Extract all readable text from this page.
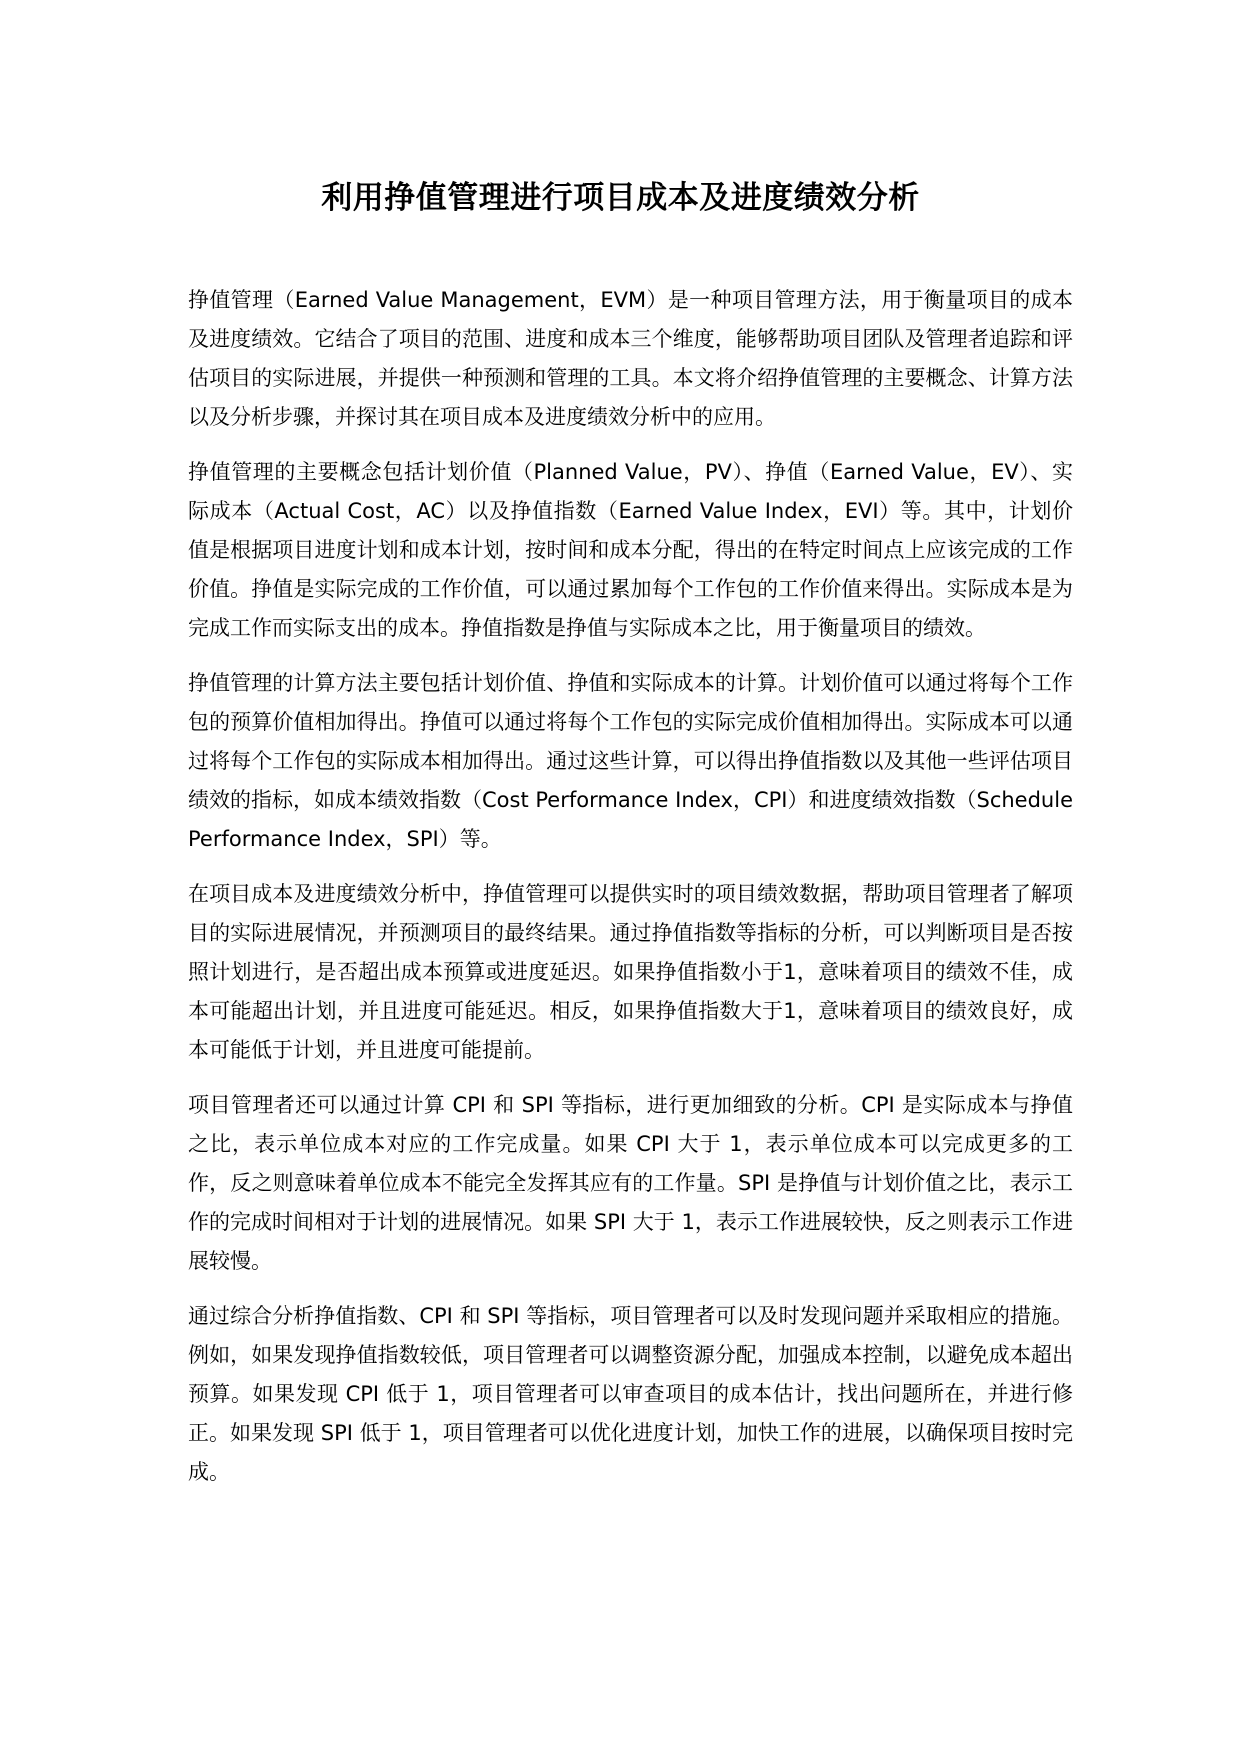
利用挣值管理进行项目成本及进度绩效分析

挣值管理（Earned Value Management，EVM）是一种项目管理方法，用于衡量项目的成本及进度绩效。它结合了项目的范围、进度和成本三个维度，能够帮助项目团队及管理者追踪和评估项目的实际进展，并提供一种预测和管理的工具。本文将介绍挣值管理的主要概念、计算方法以及分析步骤，并探讨其在项目成本及进度绩效分析中的应用。

挣值管理的主要概念包括计划价值（Planned Value，PV）、挣值（Earned Value，EV）、实际成本（Actual Cost，AC）以及挣值指数（Earned Value Index，EVI）等。其中，计划价值是根据项目进度计划和成本计划，按时间和成本分配，得出的在特定时间点上应该完成的工作价值。挣值是实际完成的工作价值，可以通过累加每个工作包的工作价值来得出。实际成本是为完成工作而实际支出的成本。挣值指数是挣值与实际成本之比，用于衡量项目的绩效。

挣值管理的计算方法主要包括计划价值、挣值和实际成本的计算。计划价值可以通过将每个工作包的预算价值相加得出。挣值可以通过将每个工作包的实际完成价值相加得出。实际成本可以通过将每个工作包的实际成本相加得出。通过这些计算，可以得出挣值指数以及其他一些评估项目绩效的指标，如成本绩效指数（Cost Performance Index，CPI）和进度绩效指数（Schedule Performance Index，SPI）等。

在项目成本及进度绩效分析中，挣值管理可以提供实时的项目绩效数据，帮助项目管理者了解项目的实际进展情况，并预测项目的最终结果。通过挣值指数等指标的分析，可以判断项目是否按照计划进行，是否超出成本预算或进度延迟。如果挣值指数小于1，意味着项目的绩效不佳，成本可能超出计划，并且进度可能延迟。相反，如果挣值指数大于1，意味着项目的绩效良好，成本可能低于计划，并且进度可能提前。

项目管理者还可以通过计算 CPI 和 SPI 等指标，进行更加细致的分析。CPI 是实际成本与挣值之比，表示单位成本对应的工作完成量。如果 CPI 大于 1，表示单位成本可以完成更多的工作，反之则意味着单位成本不能完全发挥其应有的工作量。SPI 是挣值与计划价值之比，表示工作的完成时间相对于计划的进展情况。如果 SPI 大于 1，表示工作进展较快，反之则表示工作进展较慢。

通过综合分析挣值指数、CPI 和 SPI 等指标，项目管理者可以及时发现问题并采取相应的措施。例如，如果发现挣值指数较低，项目管理者可以调整资源分配，加强成本控制，以避免成本超出预算。如果发现 CPI 低于 1，项目管理者可以审查项目的成本估计，找出问题所在，并进行修正。如果发现 SPI 低于 1，项目管理者可以优化进度计划，加快工作的进展，以确保项目按时完成。
